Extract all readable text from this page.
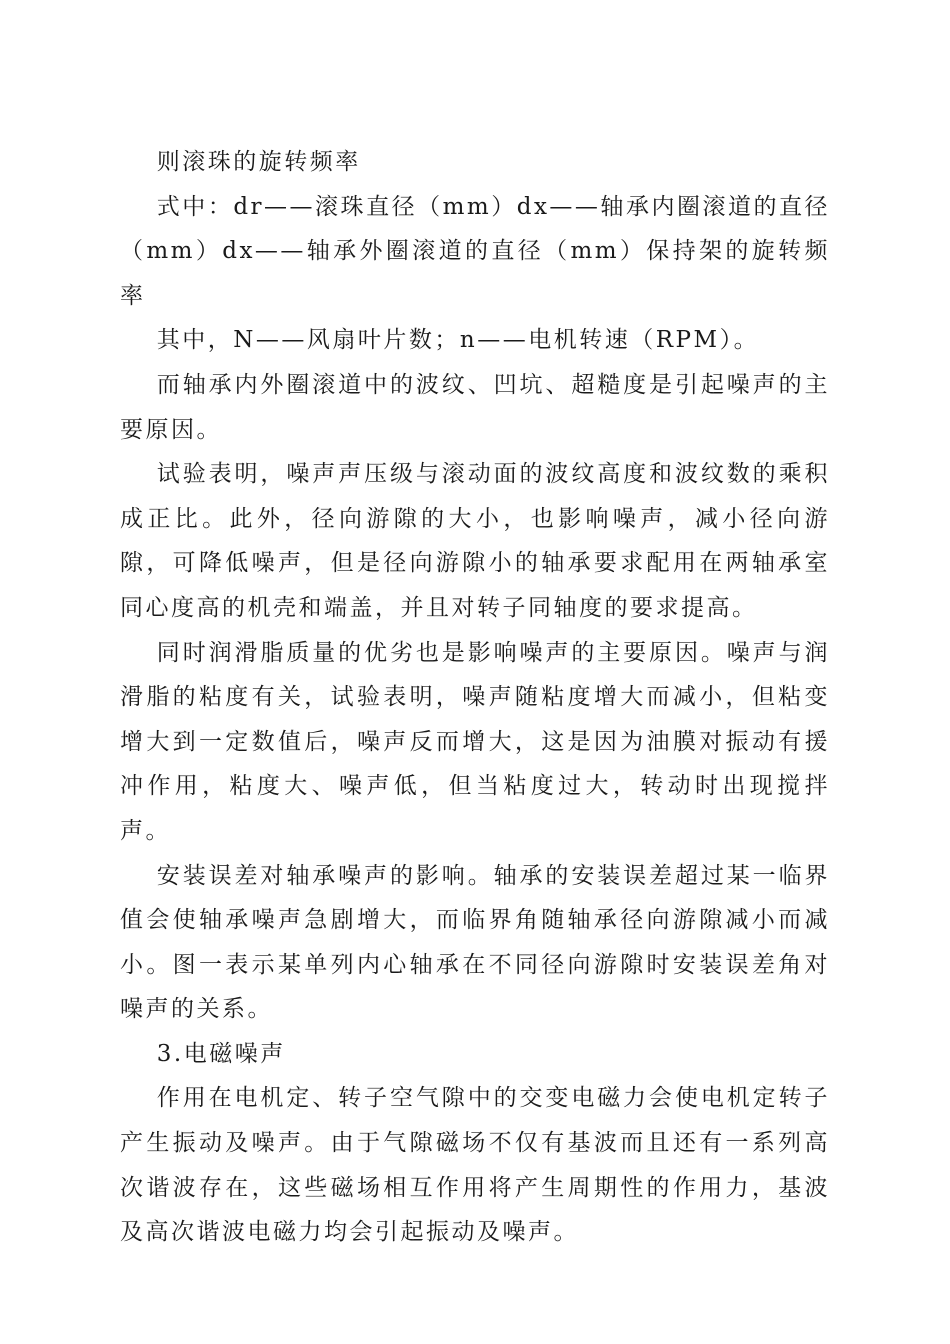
则滚珠的旋转频率

式中：dr——滚珠直径（mm）dx——轴承内圈滚道的直径（mm）dx——轴承外圈滚道的直径（mm）保持架的旋转频率

其中，N——风扇叶片数；n——电机转速（RPM）。

而轴承内外圈滚道中的波纹、凹坑、超糙度是引起噪声的主要原因。

试验表明，噪声声压级与滚动面的波纹高度和波纹数的乘积成正比。此外，径向游隙的大小，也影响噪声，减小径向游隙，可降低噪声，但是径向游隙小的轴承要求配用在两轴承室同心度高的机壳和端盖，并且对转子同轴度的要求提高。

同时润滑脂质量的优劣也是影响噪声的主要原因。噪声与润滑脂的粘度有关，试验表明，噪声随粘度增大而减小，但粘变增大到一定数值后，噪声反而增大，这是因为油膜对振动有援冲作用，粘度大、噪声低，但当粘度过大，转动时出现搅拌声。

安装误差对轴承噪声的影响。轴承的安装误差超过某一临界值会使轴承噪声急剧增大，而临界角随轴承径向游隙减小而减小。图一表示某单列内心轴承在不同径向游隙时安装误差角对噪声的关系。

3.电磁噪声

作用在电机定、转子空气隙中的交变电磁力会使电机定转子产生振动及噪声。由于气隙磁场不仅有基波而且还有一系列高次谐波存在，这些磁场相互作用将产生周期性的作用力，基波及高次谐波电磁力均会引起振动及噪声。
